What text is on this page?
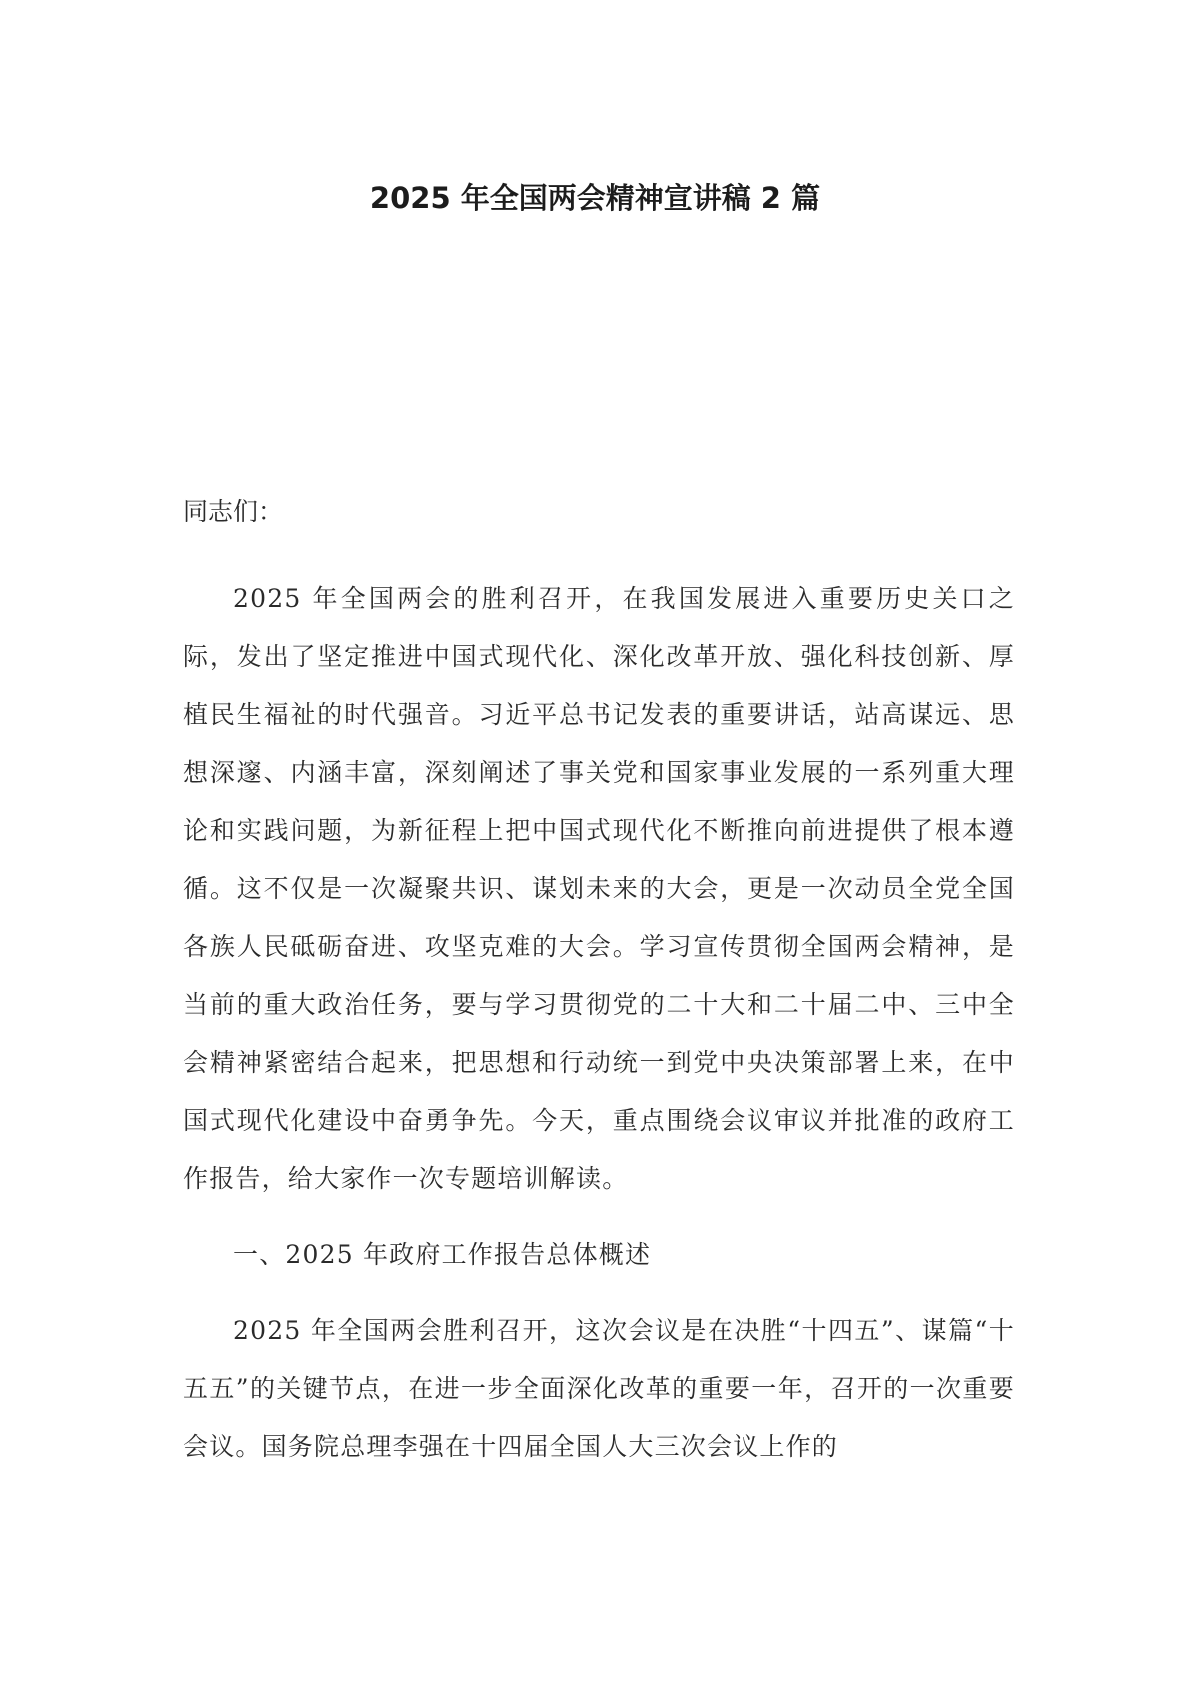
2025 年全国两会精神宣讲稿 2 篇

同志们：

2025 年全国两会的胜利召开，在我国发展进入重要历史关口之际，发出了坚定推进中国式现代化、深化改革开放、强化科技创新、厚植民生福祉的时代强音。习近平总书记发表的重要讲话，站高谋远、思想深邃、内涵丰富，深刻阐述了事关党和国家事业发展的一系列重大理论和实践问题，为新征程上把中国式现代化不断推向前进提供了根本遵循。这不仅是一次凝聚共识、谋划未来的大会，更是一次动员全党全国各族人民砥砺奋进、攻坚克难的大会。学习宣传贯彻全国两会精神，是当前的重大政治任务，要与学习贯彻党的二十大和二十届二中、三中全会精神紧密结合起来，把思想和行动统一到党中央决策部署上来，在中国式现代化建设中奋勇争先。今天，重点围绕会议审议并批准的政府工作报告，给大家作一次专题培训解读。

一、2025 年政府工作报告总体概述

2025 年全国两会胜利召开，这次会议是在决胜“十四五”、谋篇“十五五”的关键节点，在进一步全面深化改革的重要一年，召开的一次重要会议。国务院总理李强在十四届全国人大三次会议上作的
